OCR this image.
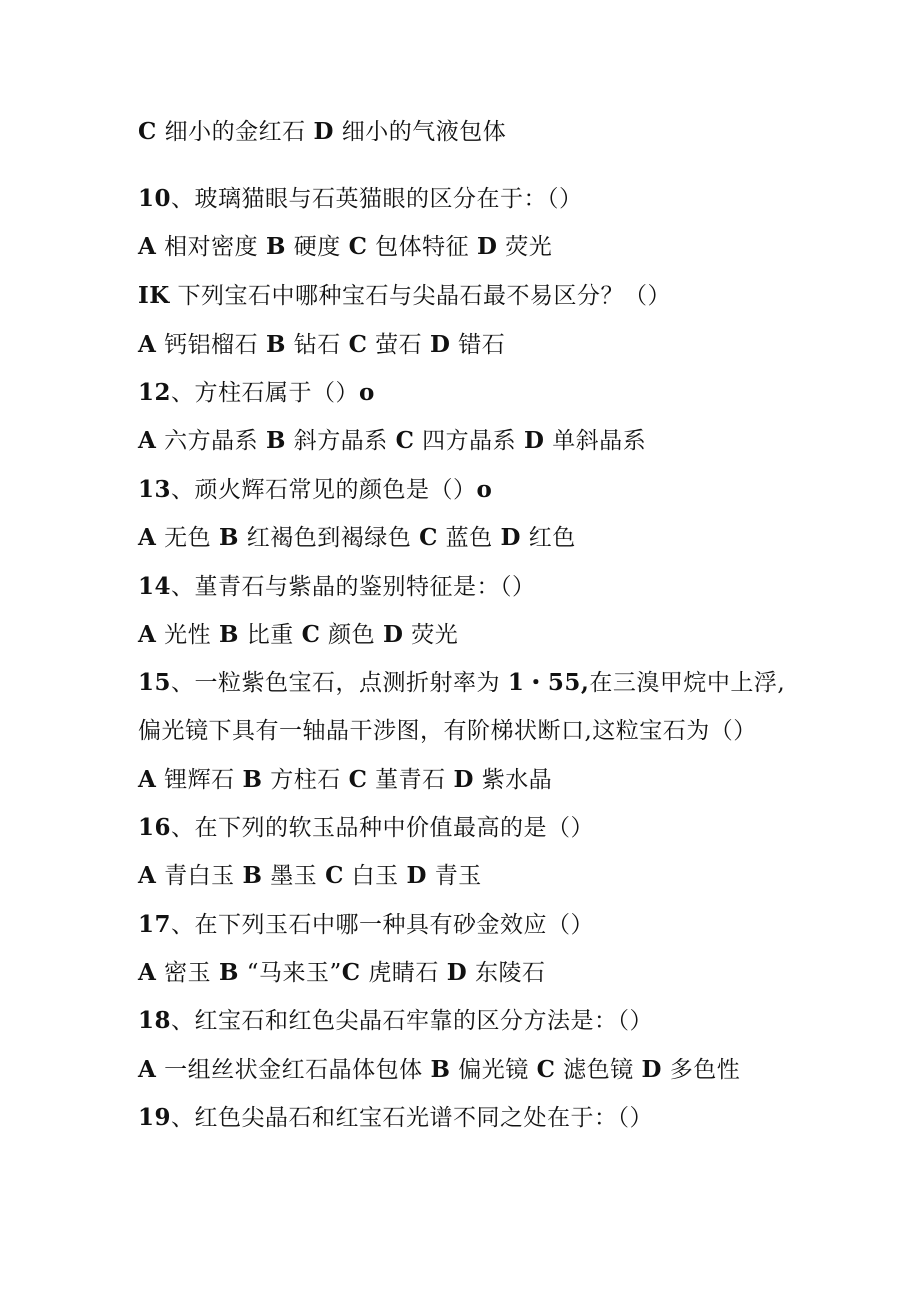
C 细小的金红石 D 细小的气液包体
10、玻璃猫眼与石英猫眼的区分在于：（）
A 相对密度 B 硬度 C 包体特征 D 荧光
IK 下列宝石中哪种宝石与尖晶石最不易区分？（）
A 钙铝榴石 B 钻石 C 萤石 D 错石
12、方柱石属于（）o
A 六方晶系 B 斜方晶系 C 四方晶系 D 单斜晶系
13、顽火辉石常见的颜色是（）o
A 无色 B 红褐色到褐绿色 C 蓝色 D 红色
14、堇青石与紫晶的鉴别特征是：（）
A 光性 B 比重 C 颜色 D 荧光
15、一粒紫色宝石，点测折射率为 1・55,在三溴甲烷中上浮,
偏光镜下具有一轴晶干涉图，有阶梯状断口,这粒宝石为（）
A 锂辉石 B 方柱石 C 堇青石 D 紫水晶
16、在下列的软玉品种中价值最高的是（）
A 青白玉 B 墨玉 C 白玉 D 青玉
17、在下列玉石中哪一种具有砂金效应（）
A 密玉 B “马来玉”C 虎睛石 D 东陵石
18、红宝石和红色尖晶石牢靠的区分方法是：（）
A 一组丝状金红石晶体包体 B 偏光镜 C 滤色镜 D 多色性
19、红色尖晶石和红宝石光谱不同之处在于：（）
